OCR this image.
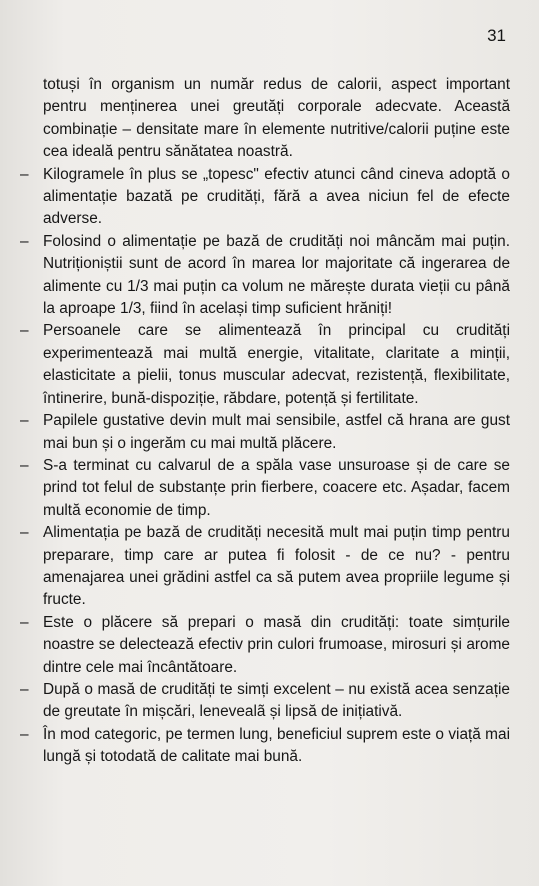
31

totuși în organism un număr redus de calorii, aspect important pentru menținerea unei greutăți corporale adecvate. Această combinație – densitate mare în elemente nutritive/calorii puține este cea ideală pentru sănătatea noastră.

– Kilogramele în plus se „topesc" efectiv atunci când cineva adoptă o alimentație bazată pe crudități, fără a avea niciun fel de efecte adverse.
– Folosind o alimentație pe bază de crudități noi mâncăm mai puțin. Nutriționiștii sunt de acord în marea lor majoritate că ingerarea de alimente cu 1/3 mai puțin ca volum ne mărește durata vieții cu până la aproape 1/3, fiind în același timp suficient hrăniți!
– Persoanele care se alimentează în principal cu crudități experimentează mai multă energie, vitalitate, claritate a minții, elasticitate a pielii, tonus muscular adecvat, rezistență, flexibilitate, întinerire, bună-dispoziție, răbdare, potență și fertilitate.
– Papilele gustative devin mult mai sensibile, astfel că hrana are gust mai bun și o ingerăm cu mai multă plăcere.
– S-a terminat cu calvarul de a spăla vase unsuroase și de care se prind tot felul de substanțe prin fierbere, coacere etc. Așadar, facem multă economie de timp.
– Alimentația pe bază de crudități necesită mult mai puțin timp pentru preparare, timp care ar putea fi folosit - de ce nu? - pentru amenajarea unei grădini astfel ca să putem avea propriile legume și fructe.
– Este o plăcere să prepari o masă din crudități: toate simțurile noastre se delectează efectiv prin culori frumoase, mirosuri și arome dintre cele mai încântătoare.
– După o masă de crudități te simți excelent – nu există acea senzație de greutate în mișcări, lenevealã și lipsă de inițiativă.
– În mod categoric, pe termen lung, beneficiul suprem este o viață mai lungă și totodată de calitate mai bună.
